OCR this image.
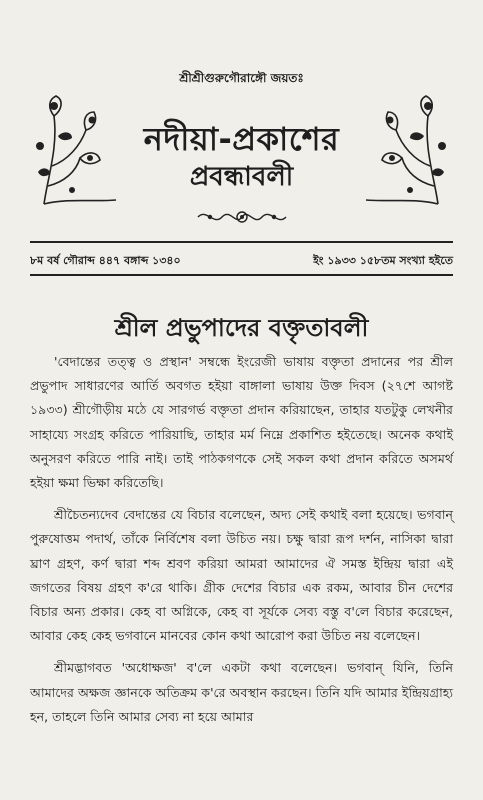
শ্রীশ্রীগুরুগৌরাঙ্গৌ জয়তঃ
নদীয়া-প্রকাশের
প্রবন্ধাবলী
৮ম বর্ষ গৌরাব্দ ৪৪৭ বঙ্গাব্দ ১৩৪০	ইং ১৯৩৩ ১৫৮তম সংখ্যা হইতে
শ্রীল প্রভুপাদের বক্তৃতাবলী

'বেদান্তের তত্ত্ব ও প্রস্থান' সম্বন্ধে ইংরেজী ভাষায় বক্তৃতা প্রদানের পর শ্রীল প্রভুপাদ সাধারণের আর্তি অবগত হইয়া বাঙ্গালা ভাষায় উক্ত দিবস (২৭শে আগষ্ট ১৯৩৩) শ্রীগৌড়ীয় মঠে যে সারগর্ভ বক্তৃতা প্রদান করিয়াছেন, তাহার যতটুকু লেখনীর সাহায্যে সংগ্রহ করিতে পারিয়াছি, তাহার মর্ম নিম্নে প্রকাশিত হইতেছে। অনেক কথাই অনুসরণ করিতে পারি নাই। তাই পাঠকগণকে সেই সকল কথা প্রদান করিতে অসমর্থ হইয়া ক্ষমা ভিক্ষা করিতেছি।

শ্রীচৈতন্যদেব বেদান্তের যে বিচার বলেছেন, অদ্য সেই কথাই বলা হয়েছে। ভগবান্ পুরুষোত্তম পদার্থ, তাঁকে নির্বিশেষ বলা উচিত নয়। চক্ষু দ্বারা রূপ দর্শন, নাসিকা দ্বারা ঘ্রাণ গ্রহণ, কর্ণ দ্বারা শব্দ শ্রবণ করিয়া আমরা আমাদের ঐ সমস্ত ইন্দ্রিয় দ্বারা এই জগতের বিষয় গ্রহণ ক'রে থাকি। গ্রীক দেশের বিচার এক রকম, আবার চীন দেশের বিচার অন্য প্রকার। কেহ বা অগ্নিকে, কেহ বা সূর্যকে সেব্য বস্তু ব'লে বিচার করেছেন, আবার কেহ কেহ ভগবানে মানবের কোন কথা আরোপ করা উচিত নয় বলেছেন।

শ্রীমদ্ভাগবত 'অধোক্ষজ' ব'লে একটা কথা বলেছেন। ভগবান্ যিনি, তিনি আমাদের অক্ষজ জ্ঞানকে অতিক্রম ক'রে অবস্থান করছেন। তিনি যদি আমার ইন্দ্রিয়গ্রাহ্য হন, তাহলে তিনি আমার সেব্য না হয়ে আমার
